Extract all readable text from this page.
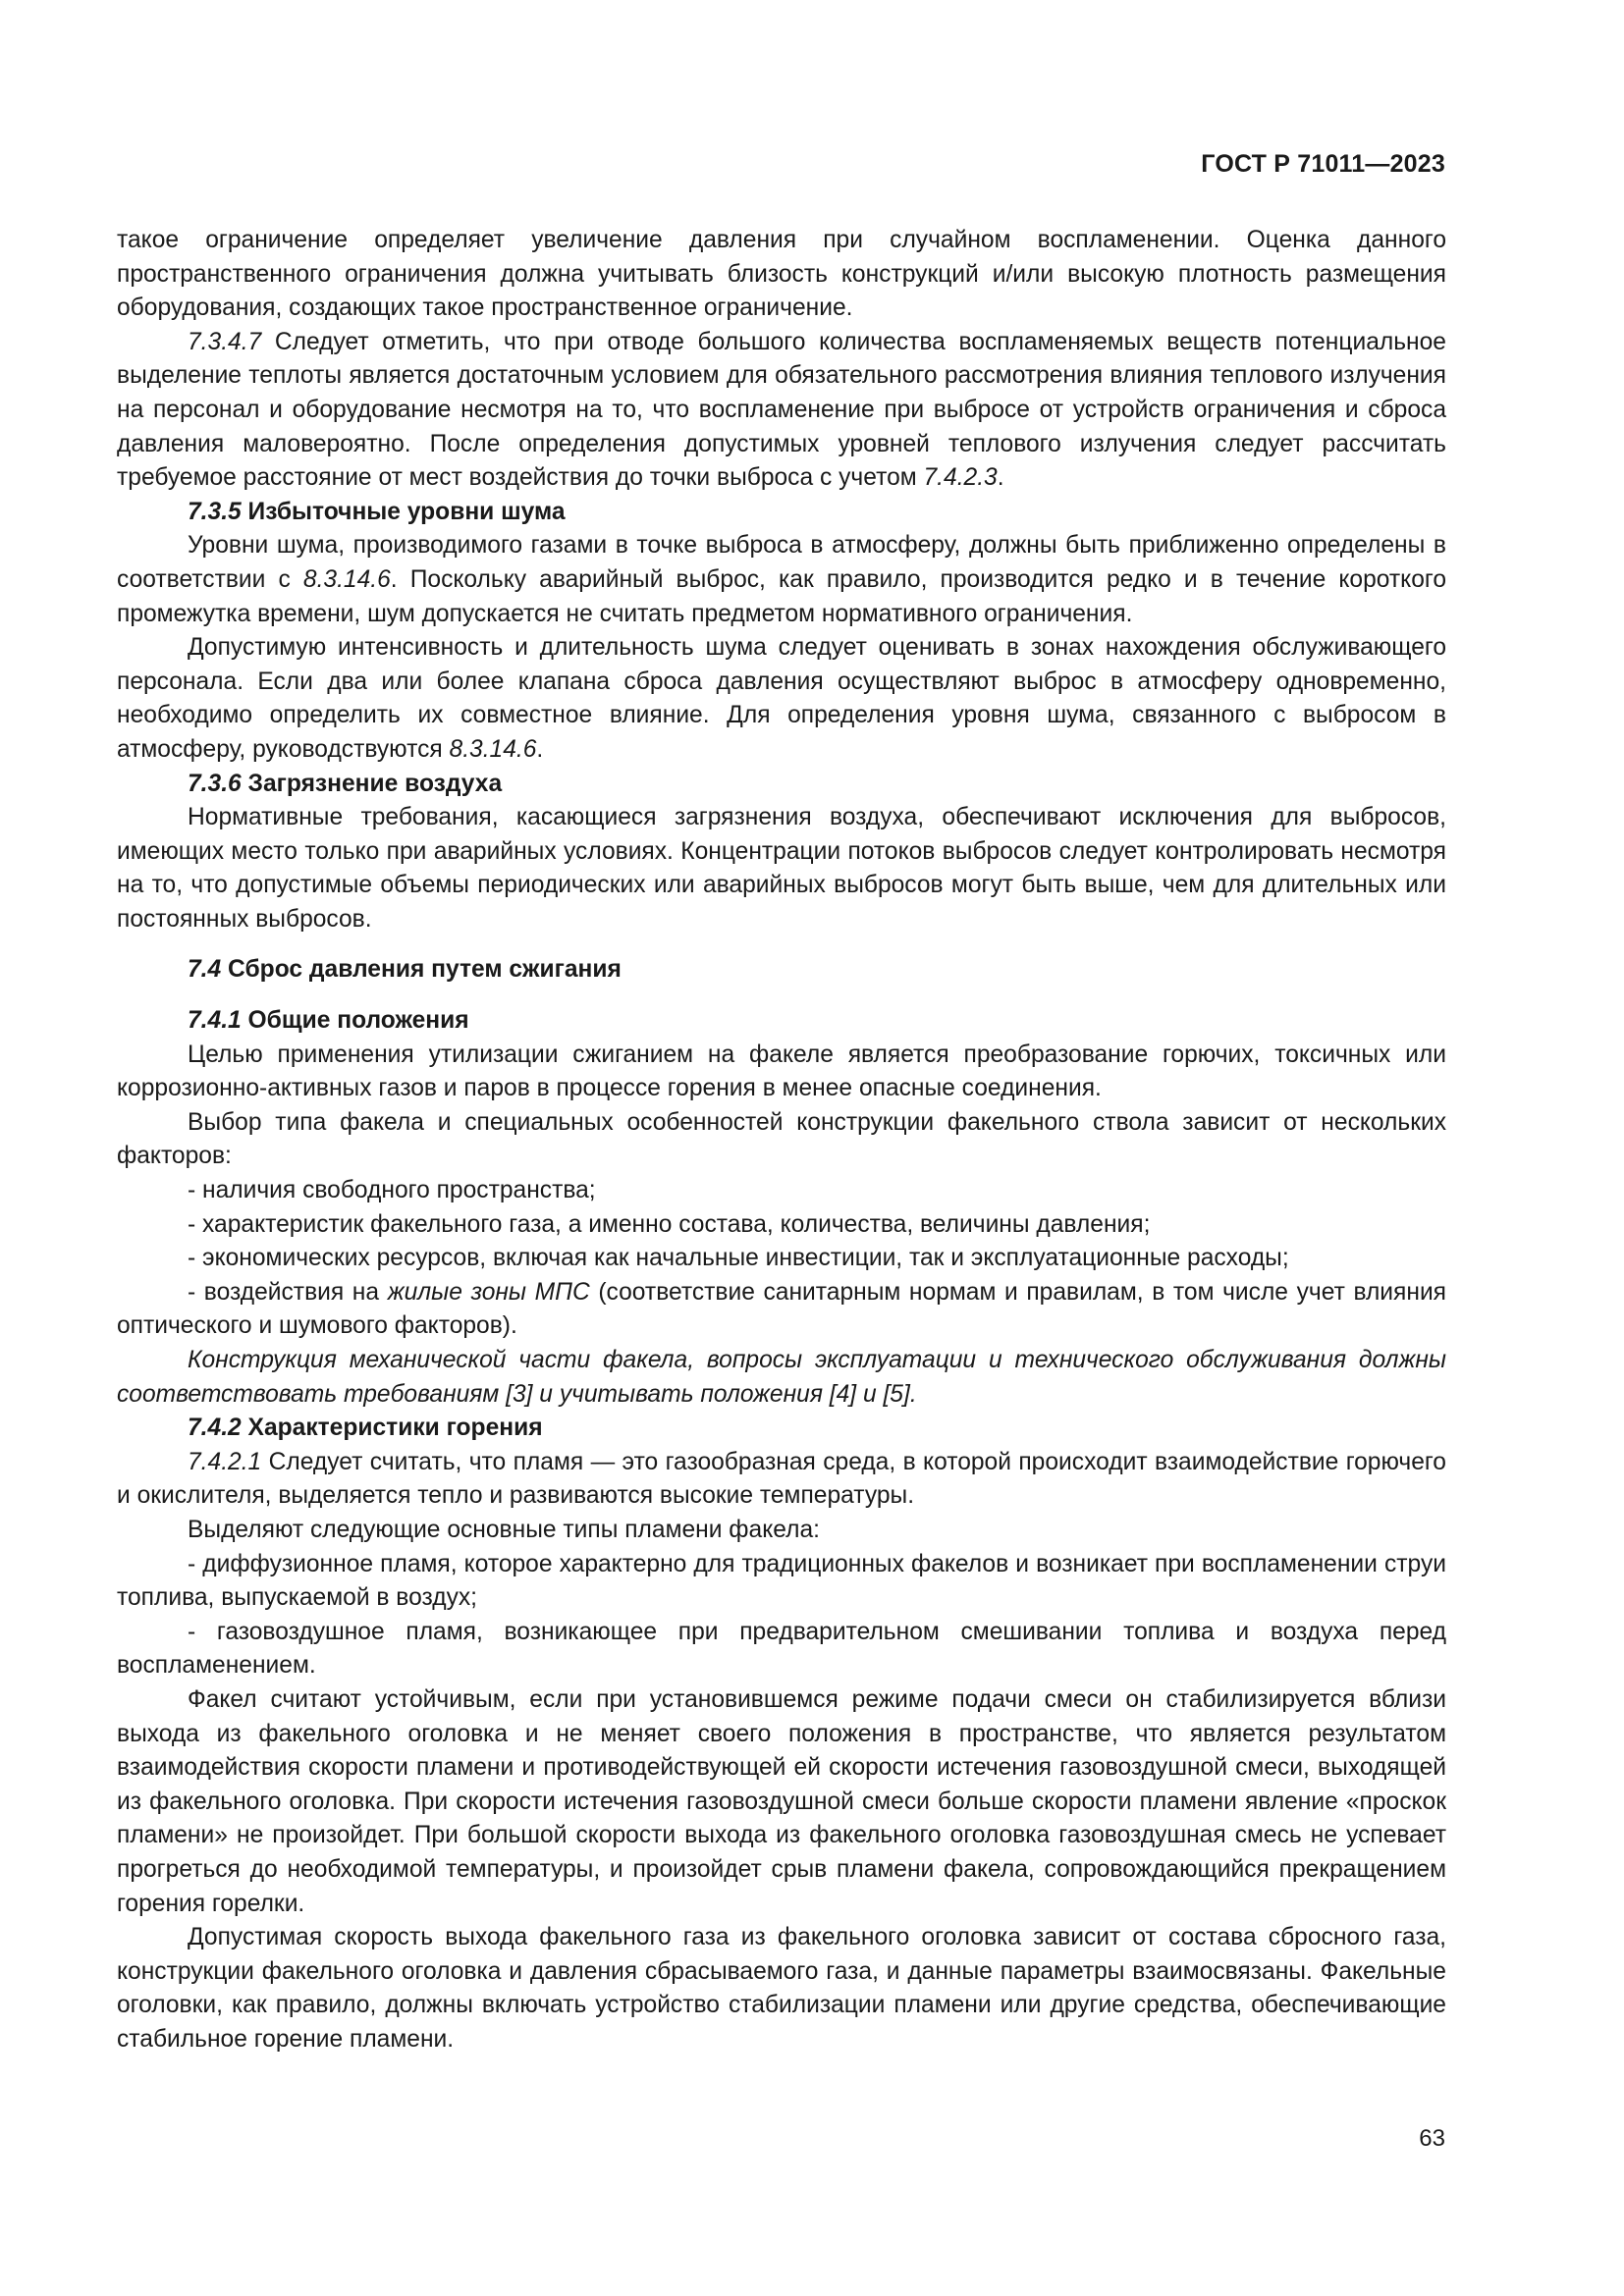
ГОСТ Р 71011—2023

такое ограничение определяет увеличение давления при случайном воспламенении. Оценка данного пространственного ограничения должна учитывать близость конструкций и/или высокую плотность размещения оборудования, создающих такое пространственное ограничение.

7.3.4.7 Следует отметить, что при отводе большого количества воспламеняемых веществ потенциальное выделение теплоты является достаточным условием для обязательного рассмотрения влияния теплового излучения на персонал и оборудование несмотря на то, что воспламенение при выбросе от устройств ограничения и сброса давления маловероятно. После определения допустимых уровней теплового излучения следует рассчитать требуемое расстояние от мест воздействия до точки выброса с учетом 7.4.2.3.

7.3.5 Избыточные уровни шума

Уровни шума, производимого газами в точке выброса в атмосферу, должны быть приближенно определены в соответствии с 8.3.14.6. Поскольку аварийный выброс, как правило, производится редко и в течение короткого промежутка времени, шум допускается не считать предметом нормативного ограничения.

Допустимую интенсивность и длительность шума следует оценивать в зонах нахождения обслуживающего персонала. Если два или более клапана сброса давления осуществляют выброс в атмосферу одновременно, необходимо определить их совместное влияние. Для определения уровня шума, связанного с выбросом в атмосферу, руководствуются 8.3.14.6.

7.3.6 Загрязнение воздуха

Нормативные требования, касающиеся загрязнения воздуха, обеспечивают исключения для выбросов, имеющих место только при аварийных условиях. Концентрации потоков выбросов следует контролировать несмотря на то, что допустимые объемы периодических или аварийных выбросов могут быть выше, чем для длительных или постоянных выбросов.

7.4 Сброс давления путем сжигания

7.4.1 Общие положения

Целью применения утилизации сжиганием на факеле является преобразование горючих, токсичных или коррозионно-активных газов и паров в процессе горения в менее опасные соединения.

Выбор типа факела и специальных особенностей конструкции факельного ствола зависит от нескольких факторов:

- наличия свободного пространства;

- характеристик факельного газа, а именно состава, количества, величины давления;

- экономических ресурсов, включая как начальные инвестиции, так и эксплуатационные расходы;

- воздействия на жилые зоны МПС (соответствие санитарным нормам и правилам, в том числе учет влияния оптического и шумового факторов).

Конструкция механической части факела, вопросы эксплуатации и технического обслуживания должны соответствовать требованиям [3] и учитывать положения [4] и [5].

7.4.2 Характеристики горения

7.4.2.1 Следует считать, что пламя — это газообразная среда, в которой происходит взаимодействие горючего и окислителя, выделяется тепло и развиваются высокие температуры.

Выделяют следующие основные типы пламени факела:

- диффузионное пламя, которое характерно для традиционных факелов и возникает при воспламенении струи топлива, выпускаемой в воздух;

- газовоздушное пламя, возникающее при предварительном смешивании топлива и воздуха перед воспламенением.

Факел считают устойчивым, если при установившемся режиме подачи смеси он стабилизируется вблизи выхода из факельного оголовка и не меняет своего положения в пространстве, что является результатом взаимодействия скорости пламени и противодействующей ей скорости истечения газовоздушной смеси, выходящей из факельного оголовка. При скорости истечения газовоздушной смеси больше скорости пламени явление «проскок пламени» не произойдет. При большой скорости выхода из факельного оголовка газовоздушная смесь не успевает прогреться до необходимой температуры, и произойдет срыв пламени факела, сопровождающийся прекращением горения горелки.

Допустимая скорость выхода факельного газа из факельного оголовка зависит от состава сбросного газа, конструкции факельного оголовка и давления сбрасываемого газа, и данные параметры взаимосвязаны. Факельные оголовки, как правило, должны включать устройство стабилизации пламени или другие средства, обеспечивающие стабильное горение пламени.

63
